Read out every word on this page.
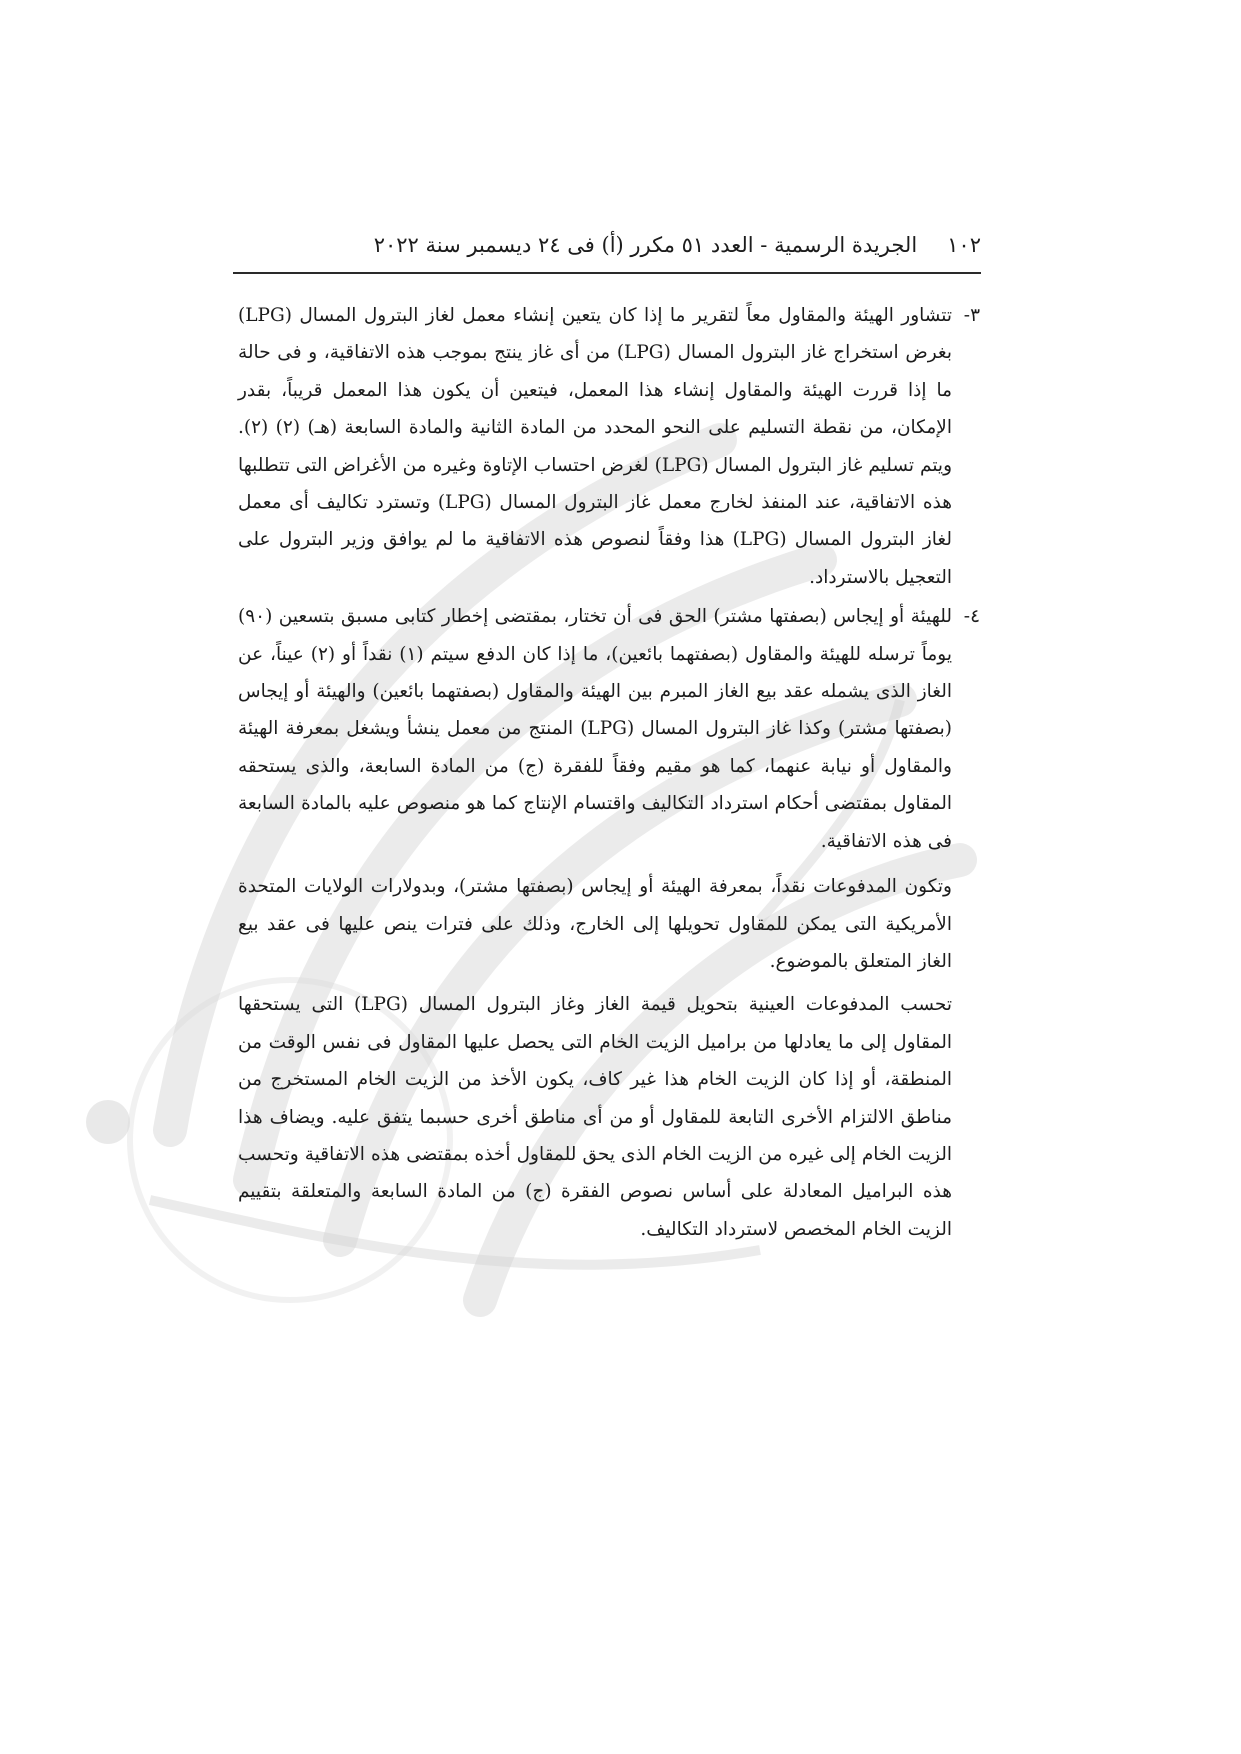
١٠٢
الجريدة الرسمية - العدد ٥١ مكرر (أ) فى ٢٤ ديسمبر سنة ٢٠٢٢
٣-

تتشاور الهيئة والمقاول معاً لتقرير ما إذا كان يتعين إنشاء معمل لغاز البترول المسال (LPG) بغرض استخراج غاز البترول المسال (LPG) من أى غاز ينتج بموجب هذه الاتفاقية، و فى حالة ما إذا قررت الهيئة والمقاول إنشاء هذا المعمل، فيتعين أن يكون هذا المعمل قريباً، بقدر الإمكان، من نقطة التسليم على النحو المحدد من المادة الثانية والمادة السابعة (هـ) (٢) (٢). ويتم تسليم غاز البترول المسال (LPG) لغرض احتساب الإتاوة وغيره من الأغراض التى تتطلبها هذه الاتفاقية، عند المنفذ لخارج معمل غاز البترول المسال (LPG) وتسترد تكاليف أى معمل لغاز البترول المسال (LPG) هذا وفقاً لنصوص هذه الاتفاقية ما لم يوافق وزير البترول على التعجيل بالاسترداد.

٤-

للهيئة أو إيجاس (بصفتها مشتر) الحق فى أن تختار، بمقتضى إخطار كتابى مسبق بتسعين (٩٠) يوماً ترسله للهيئة والمقاول (بصفتهما بائعين)، ما إذا كان الدفع سيتم (١) نقداً أو (٢) عيناً، عن الغاز الذى يشمله عقد بيع الغاز المبرم بين الهيئة والمقاول (بصفتهما بائعين) والهيئة أو إيجاس (بصفتها مشتر) وكذا غاز البترول المسال (LPG) المنتج من معمل ينشأ ويشغل بمعرفة الهيئة والمقاول أو نيابة عنهما، كما هو مقيم وفقاً للفقرة (ج) من المادة السابعة، والذى يستحقه المقاول بمقتضى أحكام استرداد التكاليف واقتسام الإنتاج كما هو منصوص عليه بالمادة السابعة فى هذه الاتفاقية.

وتكون المدفوعات نقداً، بمعرفة الهيئة أو إيجاس (بصفتها مشتر)، وبدولارات الولايات المتحدة الأمريكية التى يمكن للمقاول تحويلها إلى الخارج، وذلك على فترات ينص عليها فى عقد بيع الغاز المتعلق بالموضوع.

تحسب المدفوعات العينية بتحويل قيمة الغاز وغاز البترول المسال (LPG) التى يستحقها المقاول إلى ما يعادلها من براميل الزيت الخام التى يحصل عليها المقاول فى نفس الوقت من المنطقة، أو إذا كان الزيت الخام هذا غير كاف، يكون الأخذ من الزيت الخام المستخرج من مناطق الالتزام الأخرى التابعة للمقاول أو من أى مناطق أخرى حسبما يتفق عليه. ويضاف هذا الزيت الخام إلى غيره من الزيت الخام الذى يحق للمقاول أخذه بمقتضى هذه الاتفاقية وتحسب هذه البراميل المعادلة على أساس نصوص الفقرة (ج) من المادة السابعة والمتعلقة بتقييم الزيت الخام المخصص لاسترداد التكاليف.
